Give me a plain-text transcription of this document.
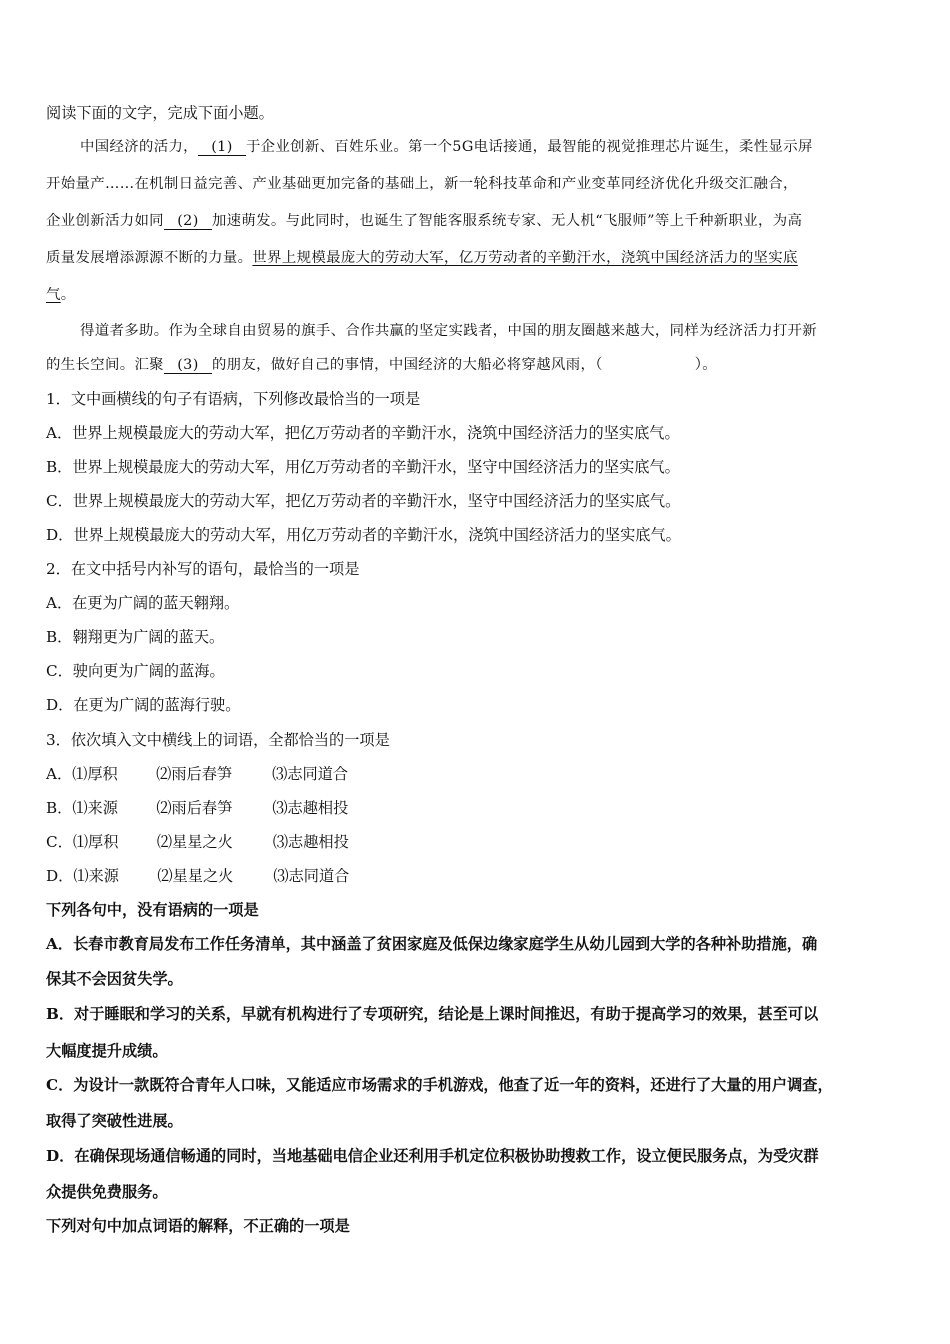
阅读下面的文字，完成下面小题。
中国经济的活力， (1) 于企业创新、百姓乐业。第一个5G电话接通，最智能的视觉推理芯片诞生，柔性显示屏
开始量产……在机制日益完善、产业基础更加完备的基础上，新一轮科技革命和产业变革同经济优化升级交汇融合，
企业创新活力如同 (2) 加速萌发。与此同时，也诞生了智能客服系统专家、无人机“飞服师”等上千种新职业，为高
质量发展增添源源不断的力量。世界上规模最庞大的劳动大军，亿万劳动者的辛勤汗水，浇筑中国经济活力的坚实底
气。
得道者多助。作为全球自由贸易的旗手、合作共赢的坚定实践者，中国的朋友圈越来越大，同样为经济活力打开新
的生长空间。汇聚 (3) 的朋友，做好自己的事情，中国经济的大船必将穿越风雨，（	）。
1．文中画横线的句子有语病，下列修改最恰当的一项是
A．世界上规模最庞大的劳动大军，把亿万劳动者的辛勤汗水，浇筑中国经济活力的坚实底气。
B．世界上规模最庞大的劳动大军，用亿万劳动者的辛勤汗水，坚守中国经济活力的坚实底气。
C．世界上规模最庞大的劳动大军，把亿万劳动者的辛勤汗水，坚守中国经济活力的坚实底气。
D．世界上规模最庞大的劳动大军，用亿万劳动者的辛勤汗水，浇筑中国经济活力的坚实底气。
2．在文中括号内补写的语句，最恰当的一项是
A．在更为广阔的蓝天翱翔。
B．翱翔更为广阔的蓝天。
C．驶向更为广阔的蓝海。
D．在更为广阔的蓝海行驶。
3．依次填入文中横线上的词语，全都恰当的一项是
A．⑴厚积	⑵雨后春笋	⑶志同道合
B．⑴来源	⑵雨后春笋	⑶志趣相投
C．⑴厚积	⑵星星之火	⑶志趣相投
D．⑴来源	⑵星星之火	⑶志同道合
下列各句中，没有语病的一项是
A．长春市教育局发布工作任务清单，其中涵盖了贫困家庭及低保边缘家庭学生从幼儿园到大学的各种补助措施，确
保其不会因贫失学。
B．对于睡眠和学习的关系，早就有机构进行了专项研究，结论是上课时间推迟，有助于提高学习的效果，甚至可以
大幅度提升成绩。
C．为设计一款既符合青年人口味，又能适应市场需求的手机游戏，他查了近一年的资料，还进行了大量的用户调查，
取得了突破性进展。
D．在确保现场通信畅通的同时，当地基础电信企业还利用手机定位积极协助搜救工作，设立便民服务点，为受灾群
众提供免费服务。
下列对句中加点词语的解释，不正确的一项是
